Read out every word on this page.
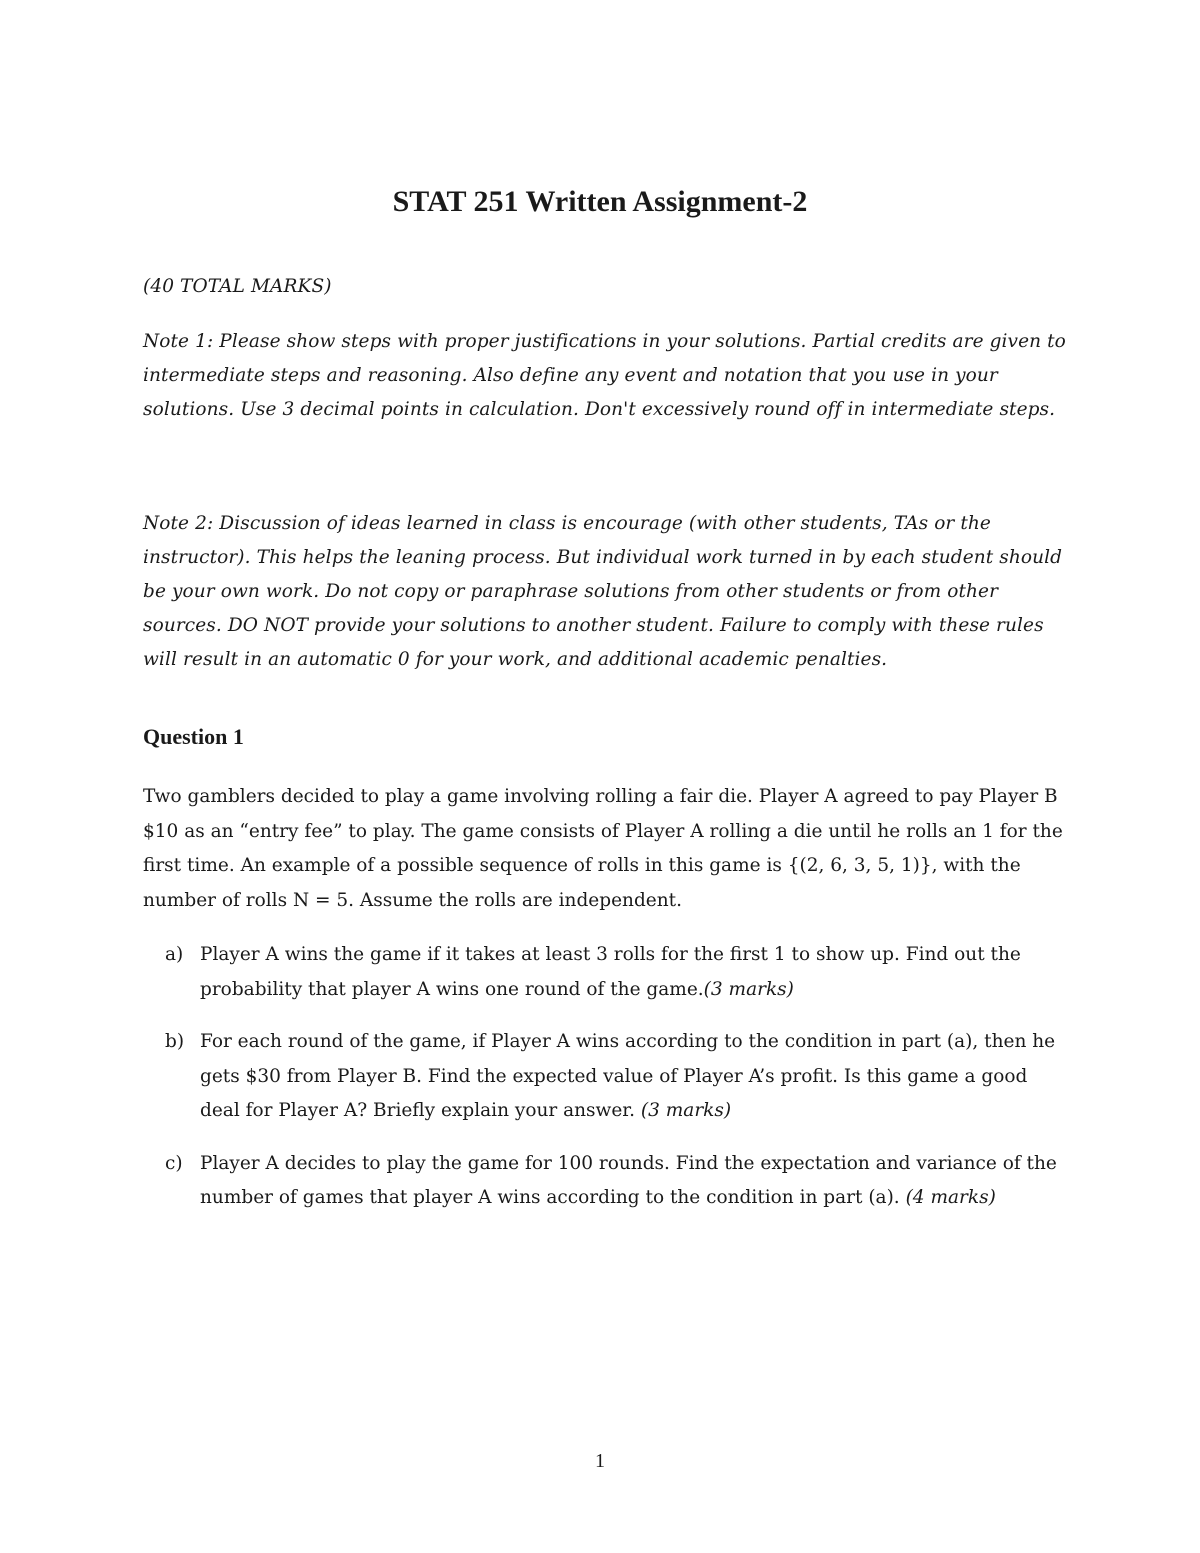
STAT 251 Written Assignment-2

(40 TOTAL MARKS)

Note 1: Please show steps with proper justifications in your solutions. Partial credits are given to intermediate steps and reasoning. Also define any event and notation that you use in your solutions. Use 3 decimal points in calculation. Don't excessively round off in intermediate steps.

Note 2: Discussion of ideas learned in class is encourage (with other students, TAs or the instructor). This helps the leaning process. But individual work turned in by each student should be your own work. Do not copy or paraphrase solutions from other students or from other sources. DO NOT provide your solutions to another student. Failure to comply with these rules will result in an automatic 0 for your work, and additional academic penalties.

Question 1

Two gamblers decided to play a game involving rolling a fair die. Player A agreed to pay Player B $10 as an “entry fee” to play. The game consists of Player A rolling a die until he rolls an 1 for the first time. An example of a possible sequence of rolls in this game is {(2, 6, 3, 5, 1)}, with the number of rolls N = 5. Assume the rolls are independent.

a) Player A wins the game if it takes at least 3 rolls for the first 1 to show up. Find out the probability that player A wins one round of the game.(3 marks)
b) For each round of the game, if Player A wins according to the condition in part (a), then he gets $30 from Player B. Find the expected value of Player A’s profit. Is this game a good deal for Player A? Briefly explain your answer. (3 marks)
c) Player A decides to play the game for 100 rounds. Find the expectation and variance of the number of games that player A wins according to the condition in part (a). (4 marks)

1
